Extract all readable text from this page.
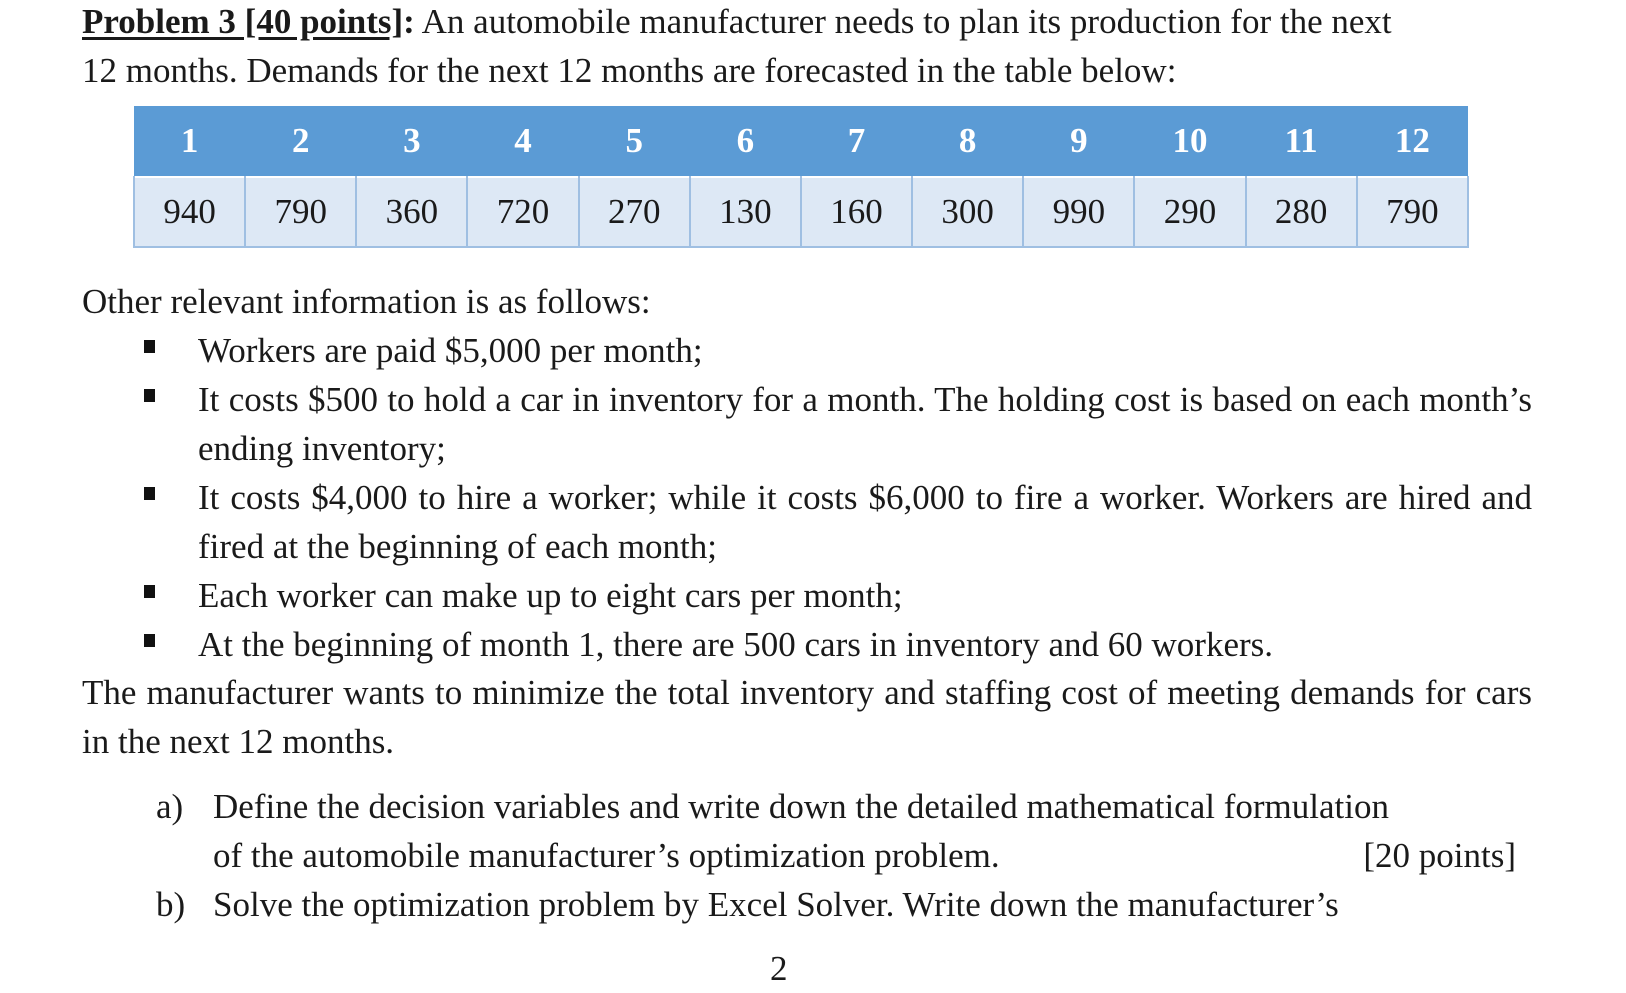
Problem 3 [40 points]: An automobile manufacturer needs to plan its production for the next
12 months. Demands for the next 12 months are forecasted in the table below:
1	2	3	4	5	6	7	8	9	10	11	12
940	790	360	720	270	130	160	300	990	290	280	790
Other relevant information is as follows:
Workers are paid $5,000 per month;
It costs $500 to hold a car in inventory for a month. The holding cost is based on each month’s ending inventory;
It costs $4,000 to hire a worker; while it costs $6,000 to fire a worker. Workers are hired and fired at the beginning of each month;
Each worker can make up to eight cars per month;
At the beginning of month 1, there are 500 cars in inventory and 60 workers.
The manufacturer wants to minimize the total inventory and staffing cost of meeting demands for cars in the next 12 months.
a) Define the decision variables and write down the detailed mathematical formulation
of the automobile manufacturer’s optimization problem.	[20 points]
b) Solve the optimization problem by Excel Solver. Write down the manufacturer’s
2
